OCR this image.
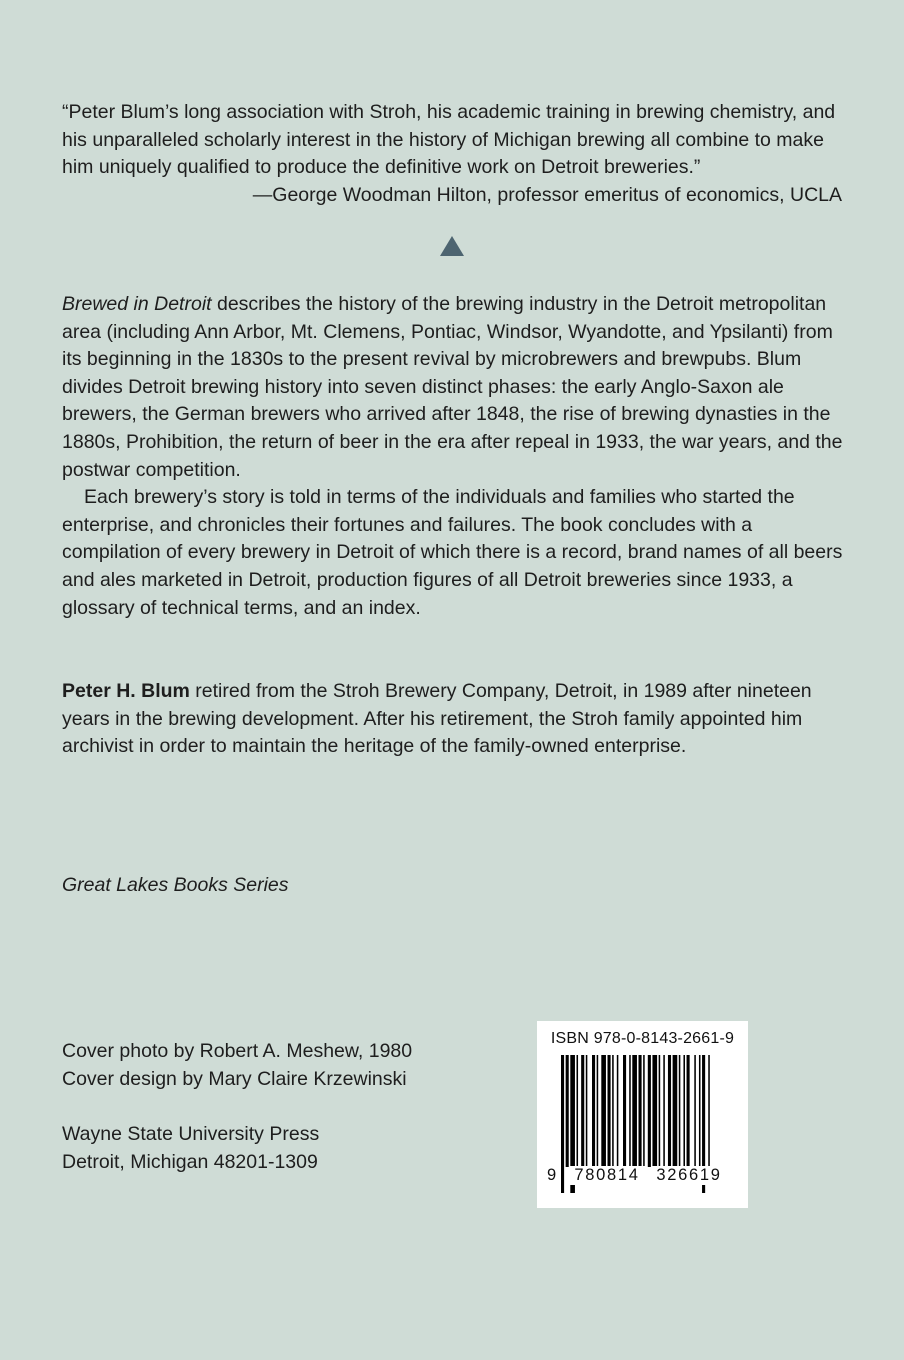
“Peter Blum’s long association with Stroh, his academic training in brewing chemistry, and his unparalleled scholarly interest in the history of Michigan brewing all combine to make him uniquely qualified to produce the definitive work on Detroit breweries.”
—George Woodman Hilton, professor emeritus of economics, UCLA

Brewed in Detroit describes the history of the brewing industry in the Detroit metropolitan area (including Ann Arbor, Mt. Clemens, Pontiac, Windsor, Wyandotte, and Ypsilanti) from its beginning in the 1830s to the present revival by microbrewers and brewpubs. Blum divides Detroit brewing history into seven distinct phases: the early Anglo-Saxon ale brewers, the German brewers who arrived after 1848, the rise of brewing dynasties in the 1880s, Prohibition, the return of beer in the era after repeal in 1933, the war years, and the postwar competition.

Each brewery’s story is told in terms of the individuals and families who started the enterprise, and chronicles their fortunes and failures. The book concludes with a compilation of every brewery in Detroit of which there is a record, brand names of all beers and ales marketed in Detroit, production figures of all Detroit breweries since 1933, a glossary of technical terms, and an index.

Peter H. Blum retired from the Stroh Brewery Company, Detroit, in 1989 after nineteen years in the brewing development. After his retirement, the Stroh family appointed him archivist in order to maintain the heritage of the family-owned enterprise.
Great Lakes Books Series
Cover photo by Robert A. Meshew, 1980
Cover design by Mary Claire Krzewinski
Wayne State University Press
Detroit, Michigan 48201-1309
ISBN 978-0-8143-2661-9
9	780814	326619
